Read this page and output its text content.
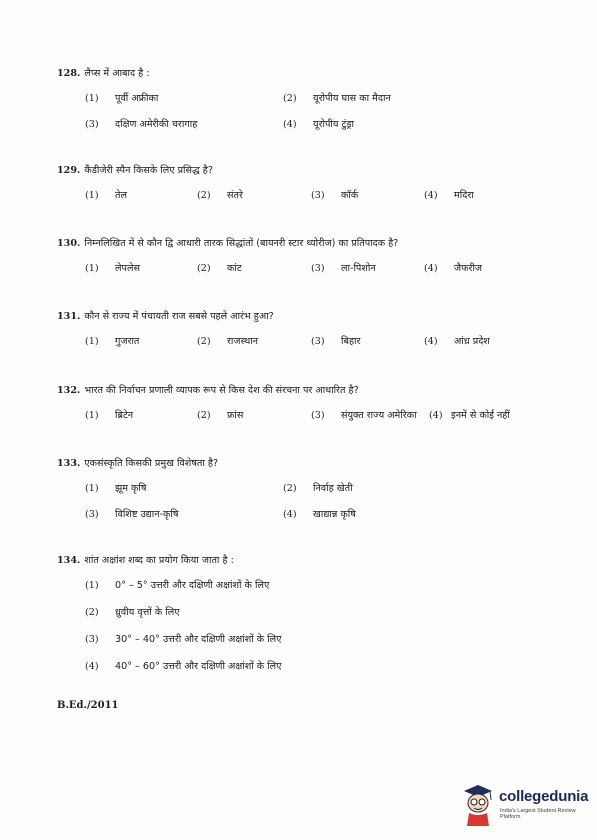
128. लैप्स में आबाद है :
(1) पूर्वी अफ्रीका	(2) यूरोपीय घास का मैदान
(3) दक्षिण अमेरीकी चरागाह	(4) यूरोपीय टुंड्रा
129. कैंडीजेरी स्पैन किसके लिए प्रसिद्ध है?
(1) तेल	(2) संतरे	(3) कॉर्क	(4) मदिरा
130. निम्नलिखित में से कौन द्वि आधारी तारक सिद्धांतों (बायनरी स्टार थ्योरीज) का प्रतिपादक है?
(1) लेपलेस	(2) कांट	(3) ला-पिशोन	(4) जैफरीज
131. कौन से राज्य में पंचायती राज सबसे पहले आरंभ हुआ?
(1) गुजरात	(2) राजस्थान	(3) बिहार	(4) आंध्र प्रदेश
132. भारत की निर्वाचन प्रणाली व्यापक रूप से किस देश की संरचना पर आधारित है?
(1) ब्रिटेन	(2) फ्रांस	(3) संयुक्त राज्य अमेरिका (4) इनमें से कोई नहीं
133. एकसंस्कृति किसकी प्रमुख विशेषता है?
(1) झूम कृषि	(2) निर्वाह खेती
(3) विशिष्ट उद्यान-कृषि	(4) खाद्यान्न कृषि
134. शांत अक्षांश शब्द का प्रयोग किया जाता है :
(1) 0° – 5° उत्तरी और दक्षिणी अक्षांशों के लिए
(2) ध्रुवीय वृत्तों के लिए
(3) 30° – 40° उत्तरी और दक्षिणी अक्षांशों के लिए
(4) 40° – 60° उत्तरी और दक्षिणी अक्षांशों के लिए
B.Ed./2011
collegedunia
India's Largest Student Review Platform
